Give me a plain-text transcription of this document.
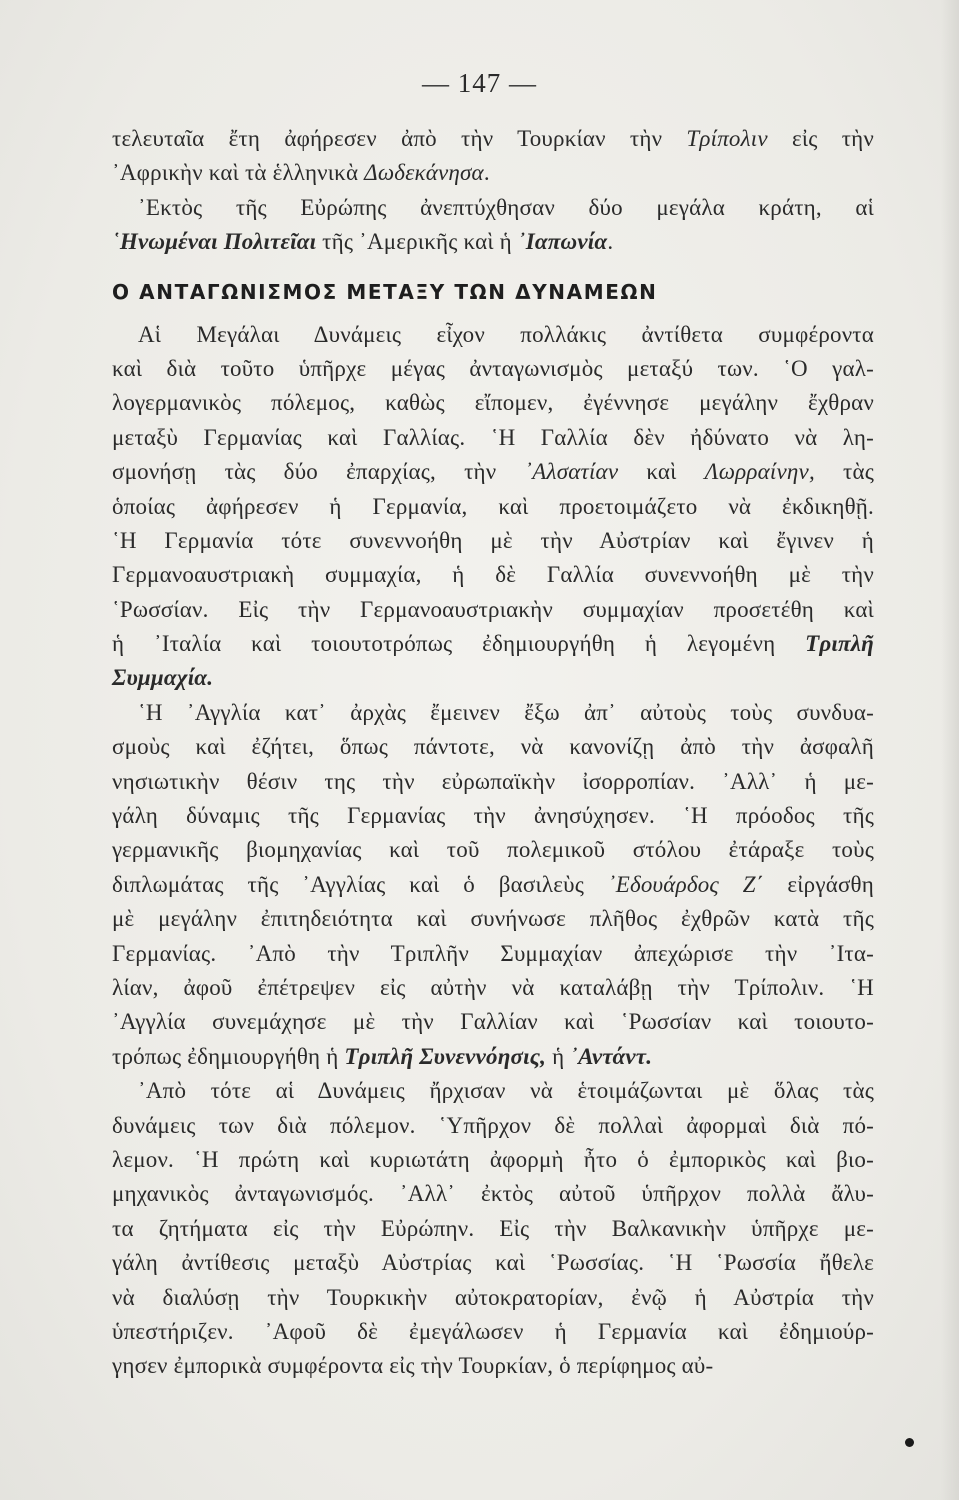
— 147 —
τελευταῖα ἔτη ἀφήρεσεν ἀπὸ τὴν Τουρκίαν τὴν Τρίπολιν εἰς τὴν
᾿Αφρικὴν καὶ τὰ ἑλληνικὰ Δωδεκάνησα.
᾿Εκτὸς τῆς Εὐρώπης ἀνεπτύχθησαν δύο μεγάλα κράτη, αἱ
῾Ηνωμέναι Πολιτεῖαι τῆς ᾿Αμερικῆς καὶ ἡ ᾿Ιαπωνία.
Ο ΑΝΤΑΓΩΝΙΣΜΟΣ ΜΕΤΑΞΥ ΤΩΝ ΔΥΝΑΜΕΩΝ
Αἱ Μεγάλαι Δυνάμεις εἶχον πολλάκις ἀντίθετα συμφέροντα
καὶ διὰ τοῦτο ὑπῆρχε μέγας ἀνταγωνισμὸς μεταξύ των. ῾Ο γαλ-
λογερμανικὸς πόλεμος, καθὼς εἴπομεν, ἐγέννησε μεγάλην ἔχθραν
μεταξὺ Γερμανίας καὶ Γαλλίας. ῾Η Γαλλία δὲν ἠδύνατο νὰ λη-
σμονήσῃ τὰς δύο ἐπαρχίας, τὴν ᾿Αλσατίαν καὶ Λωρραίνην, τὰς
ὁποίας ἀφήρεσεν ἡ Γερμανία, καὶ προετοιμάζετο νὰ ἐκδικηθῇ.
῾Η Γερμανία τότε συνεννοήθη μὲ τὴν Αὐστρίαν καὶ ἔγινεν ἡ
Γερμανοαυστριακὴ συμμαχία, ἡ δὲ Γαλλία συνεννοήθη μὲ τὴν
῾Ρωσσίαν. Εἰς τὴν Γερμανοαυστριακὴν συμμαχίαν προσετέθη καὶ
ἡ ᾿Ιταλία καὶ τοιουτοτρόπως ἐδημιουργήθη ἡ λεγομένη Τριπλῆ
Συμμαχία.
῾Η ᾿Αγγλία κατ᾿ ἀρχὰς ἔμεινεν ἔξω ἀπ᾿ αὐτοὺς τοὺς συνδυα-
σμοὺς καὶ ἐζήτει, ὅπως πάντοτε, νὰ κανονίζῃ ἀπὸ τὴν ἀσφαλῆ
νησιωτικὴν θέσιν της τὴν εὐρωπαϊκὴν ἰσορροπίαν. ᾿Αλλ᾿ ἡ με-
γάλη δύναμις τῆς Γερμανίας τὴν ἀνησύχησεν. ῾Η πρόοδος τῆς
γερμανικῆς βιομηχανίας καὶ τοῦ πολεμικοῦ στόλου ἐτάραξε τοὺς
διπλωμάτας τῆς ᾿Αγγλίας καὶ ὁ βασιλεὺς ᾿Εδουάρδος Ζ΄ εἰργάσθη
μὲ μεγάλην ἐπιτηδειότητα καὶ συνήνωσε πλῆθος ἐχθρῶν κατὰ τῆς
Γερμανίας. ᾿Απὸ τὴν Τριπλῆν Συμμαχίαν ἀπεχώρισε τὴν ᾿Ιτα-
λίαν, ἀφοῦ ἐπέτρεψεν εἰς αὐτὴν νὰ καταλάβῃ τὴν Τρίπολιν. ῾Η
᾿Αγγλία συνεμάχησε μὲ τὴν Γαλλίαν καὶ ῾Ρωσσίαν καὶ τοιουτο-
τρόπως ἐδημιουργήθη ἡ Τριπλῆ Συνεννόησις, ἡ ᾿Αντάντ.
᾿Απὸ τότε αἱ Δυνάμεις ἤρχισαν νὰ ἑτοιμάζωνται μὲ ὅλας τὰς
δυνάμεις των διὰ πόλεμον. ῾Υπῆρχον δὲ πολλαὶ ἀφορμαὶ διὰ πό-
λεμον. ῾Η πρώτη καὶ κυριωτάτη ἀφορμὴ ἦτο ὁ ἐμπορικὸς καὶ βιο-
μηχανικὸς ἀνταγωνισμός. ᾿Αλλ᾿ ἐκτὸς αὐτοῦ ὑπῆρχον πολλὰ ἄλυ-
τα ζητήματα εἰς τὴν Εὐρώπην. Εἰς τὴν Βαλκανικὴν ὑπῆρχε με-
γάλη ἀντίθεσις μεταξὺ Αὐστρίας καὶ ῾Ρωσσίας. ῾Η ῾Ρωσσία ἤθελε
νὰ διαλύσῃ τὴν Τουρκικὴν αὐτοκρατορίαν, ἐνῷ ἡ Αὐστρία τὴν
ὑπεστήριζεν. ᾿Αφοῦ δὲ ἐμεγάλωσεν ἡ Γερμανία καὶ ἐδημιούρ-
γησεν ἐμπορικὰ συμφέροντα εἰς τὴν Τουρκίαν, ὁ περίφημος αὐ-
